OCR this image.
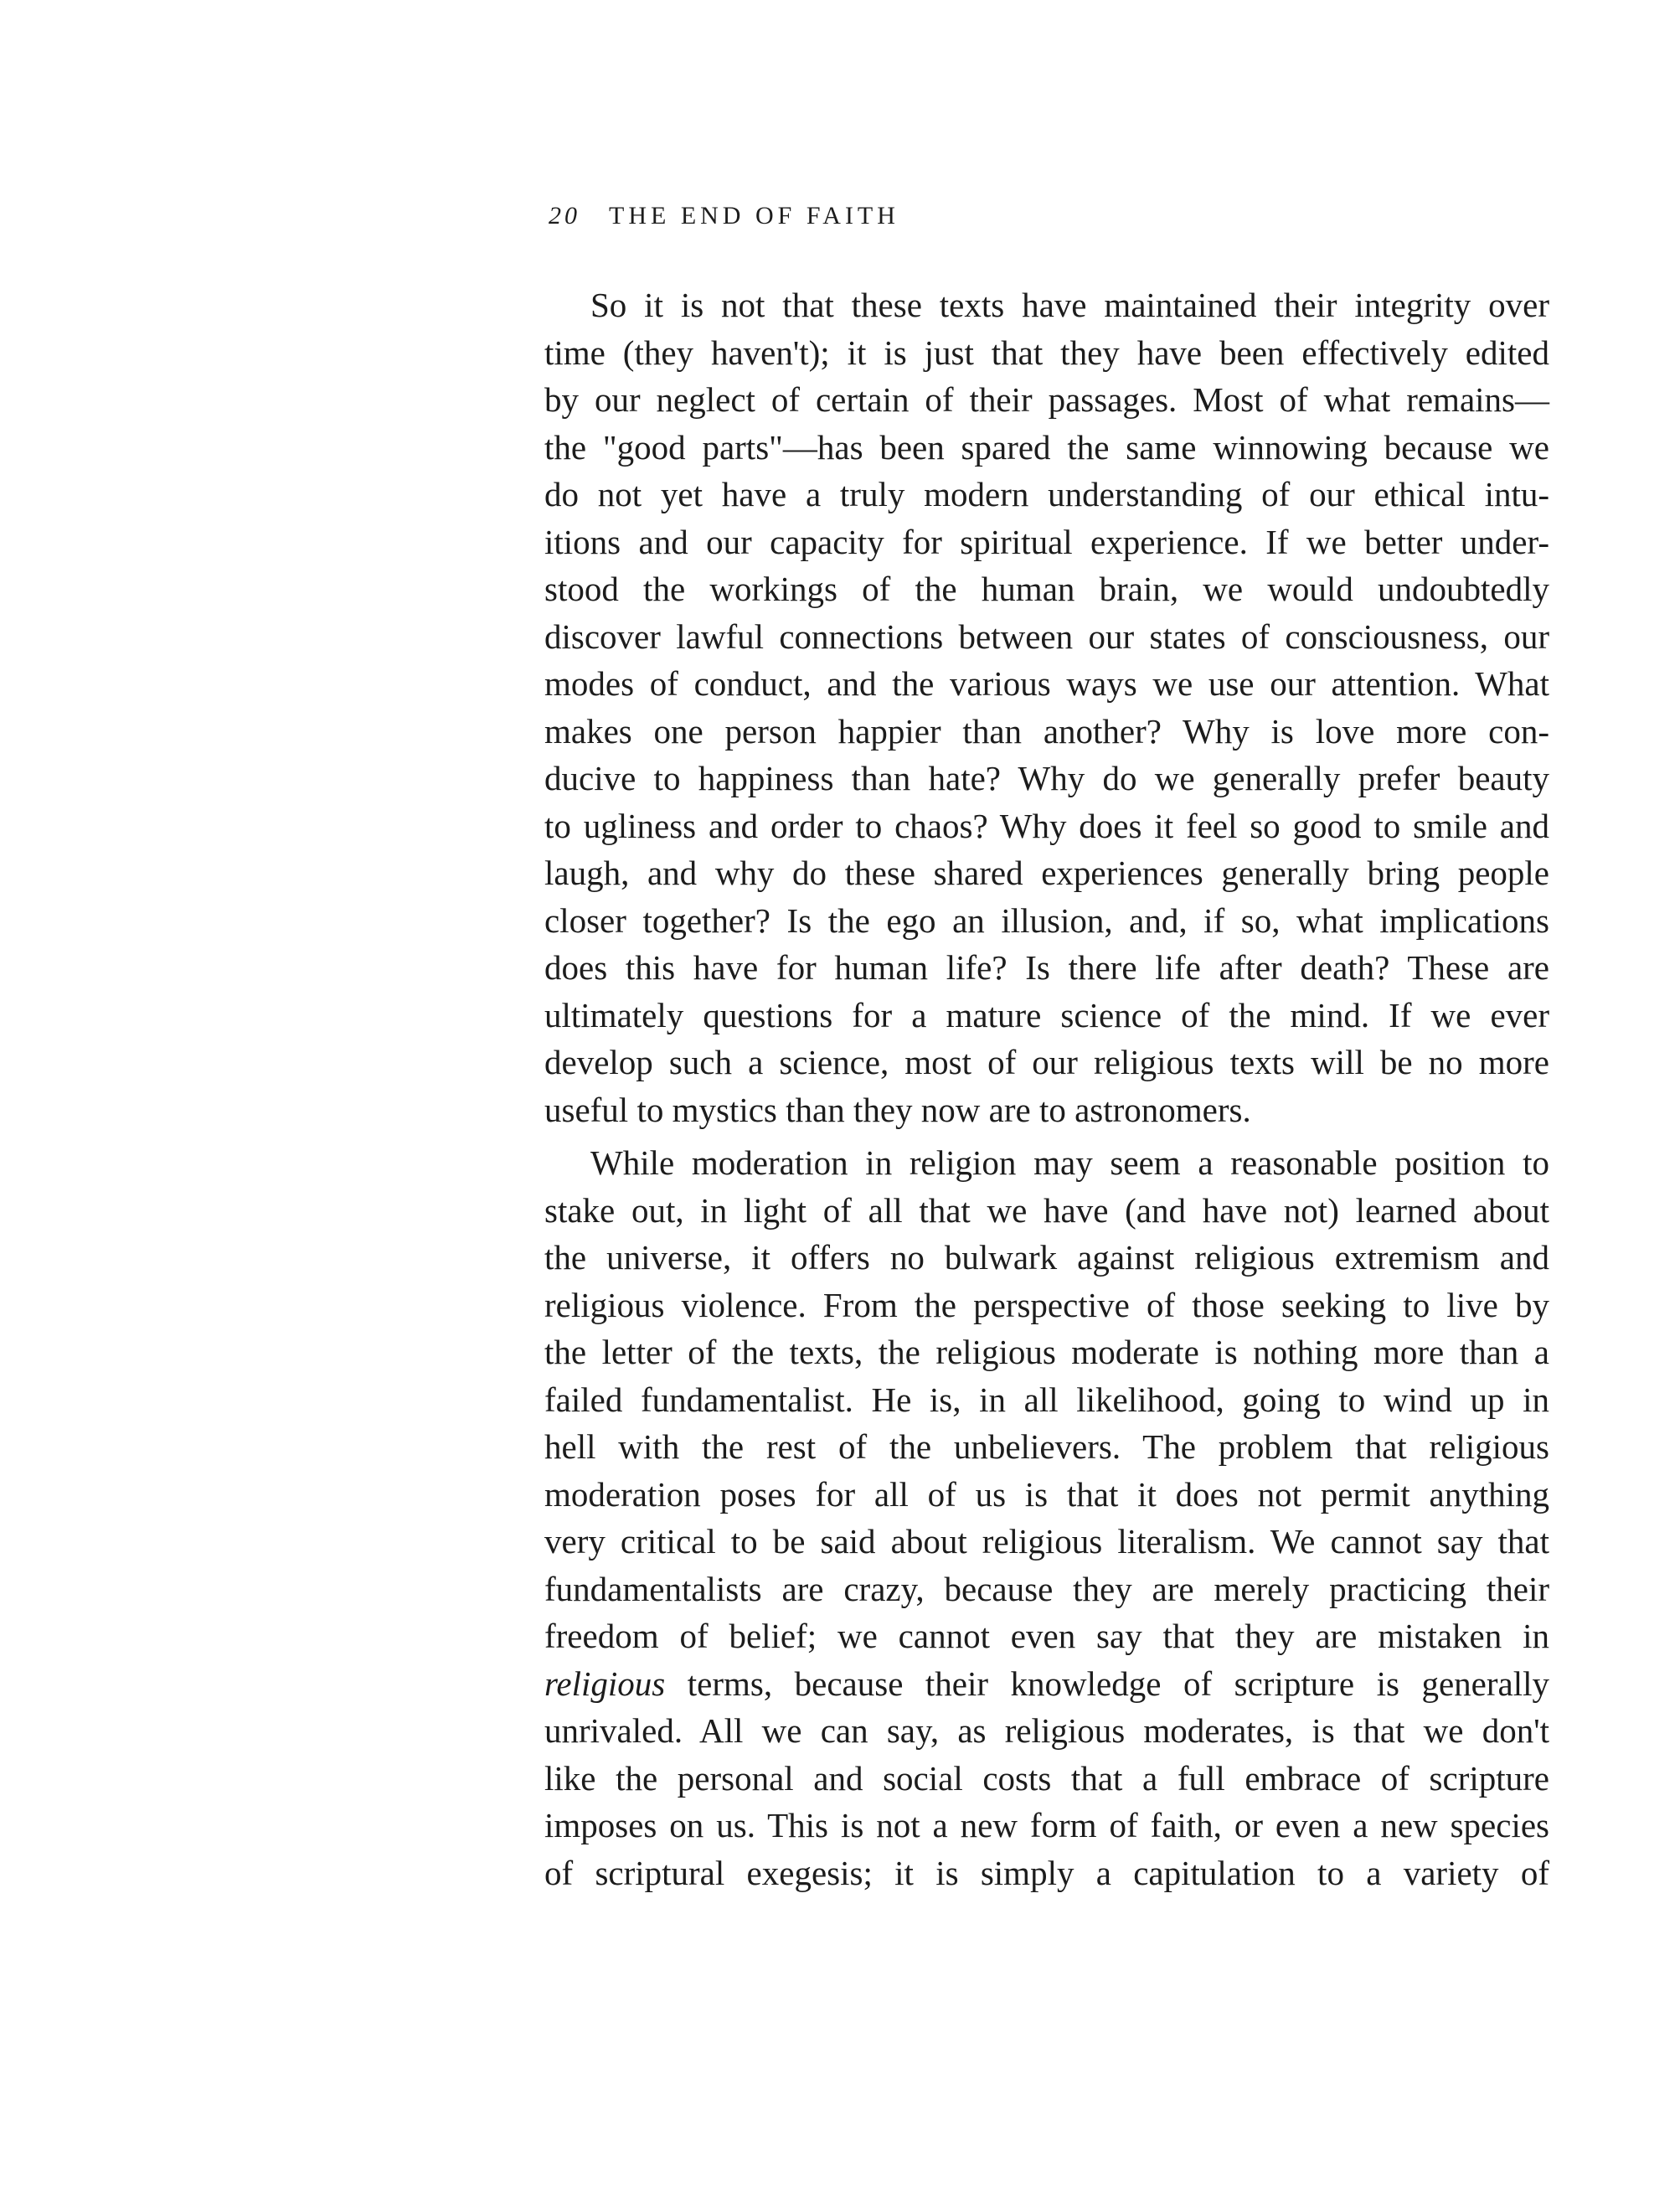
20 THE END OF FAITH
So it is not that these texts have maintained their integrity over
time (they haven't); it is just that they have been effectively edited
by our neglect of certain of their passages. Most of what remains—
the "good parts"—has been spared the same winnowing because we
do not yet have a truly modern understanding of our ethical intu-
itions and our capacity for spiritual experience. If we better under-
stood the workings of the human brain, we would undoubtedly
discover lawful connections between our states of consciousness, our
modes of conduct, and the various ways we use our attention. What
makes one person happier than another? Why is love more con-
ducive to happiness than hate? Why do we generally prefer beauty
to ugliness and order to chaos? Why does it feel so good to smile and
laugh, and why do these shared experiences generally bring people
closer together? Is the ego an illusion, and, if so, what implications
does this have for human life? Is there life after death? These are
ultimately questions for a mature science of the mind. If we ever
develop such a science, most of our religious texts will be no more
useful to mystics than they now are to astronomers.
While moderation in religion may seem a reasonable position to
stake out, in light of all that we have (and have not) learned about
the universe, it offers no bulwark against religious extremism and
religious violence. From the perspective of those seeking to live by
the letter of the texts, the religious moderate is nothing more than a
failed fundamentalist. He is, in all likelihood, going to wind up in
hell with the rest of the unbelievers. The problem that religious
moderation poses for all of us is that it does not permit anything
very critical to be said about religious literalism. We cannot say that
fundamentalists are crazy, because they are merely practicing their
freedom of belief; we cannot even say that they are mistaken in
religious terms, because their knowledge of scripture is generally
unrivaled. All we can say, as religious moderates, is that we don't
like the personal and social costs that a full embrace of scripture
imposes on us. This is not a new form of faith, or even a new species
of scriptural exegesis; it is simply a capitulation to a variety of
